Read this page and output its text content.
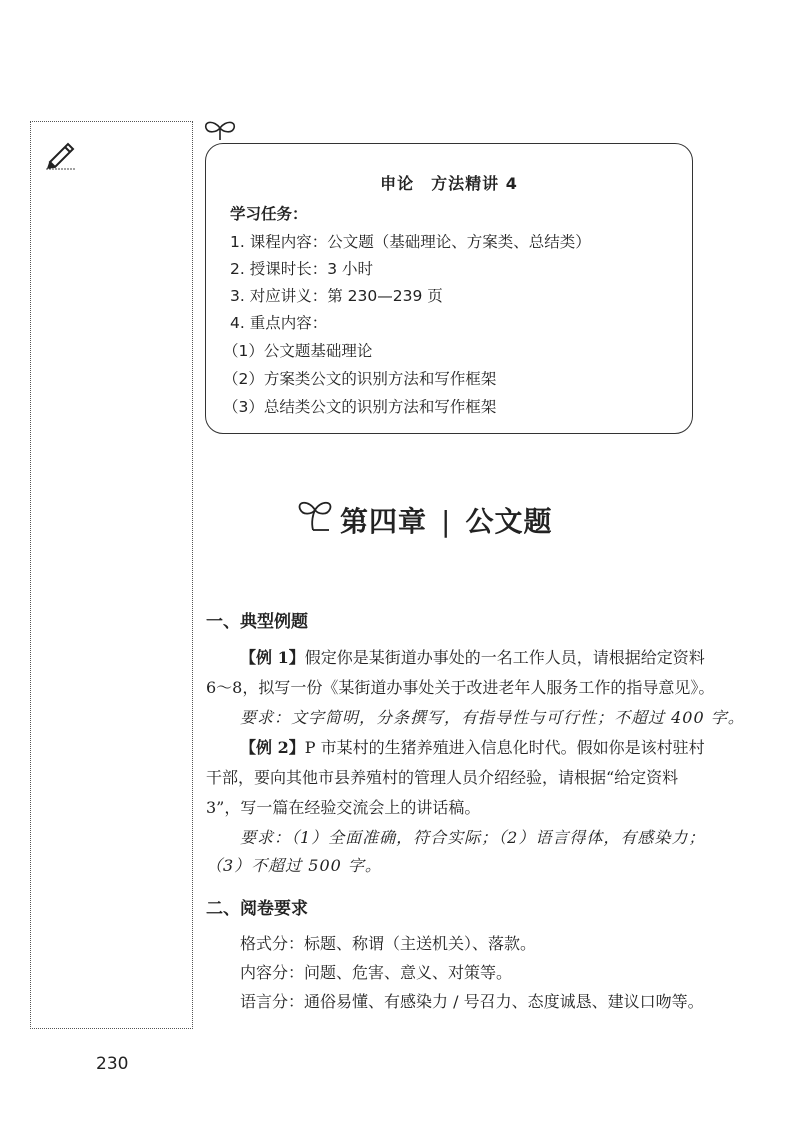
申论　方法精讲 4
学习任务：
1. 课程内容：公文题（基础理论、方案类、总结类）
2. 授课时长：3 小时
3. 对应讲义：第 230—239 页
4. 重点内容：
（1）公文题基础理论
（2）方案类公文的识别方法和写作框架
（3）总结类公文的识别方法和写作框架
第四章 | 公文题
一、典型例题
【例 1】假定你是某街道办事处的一名工作人员，请根据给定资料
6～8，拟写一份《某街道办事处关于改进老年人服务工作的指导意见》。
要求：文字简明，分条撰写，有指导性与可行性；不超过 400 字。
【例 2】P 市某村的生猪养殖进入信息化时代。假如你是该村驻村
干部，要向其他市县养殖村的管理人员介绍经验，请根据“给定资料
3”，写一篇在经验交流会上的讲话稿。
要求：（1）全面准确，符合实际；（2）语言得体，有感染力；
（3）不超过 500 字。
二、阅卷要求
格式分：标题、称谓（主送机关）、落款。
内容分：问题、危害、意义、对策等。
语言分：通俗易懂、有感染力 / 号召力、态度诚恳、建议口吻等。
230
